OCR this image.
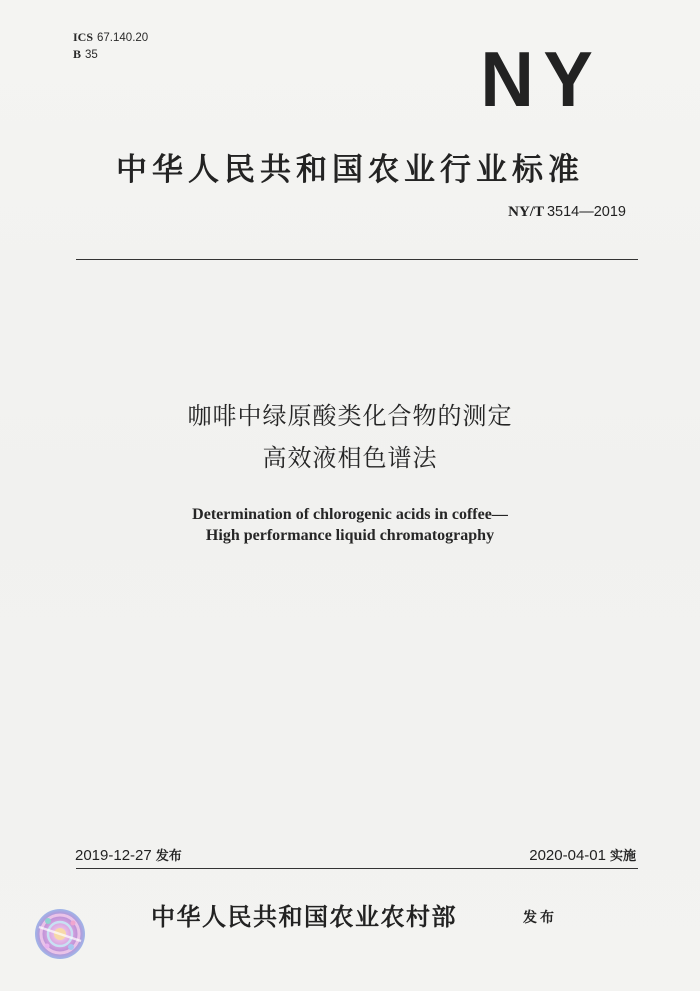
ICS 67.140.20
B 35	NY
中华人民共和国农业行业标准
NY/T 3514—2019
咖啡中绿原酸类化合物的测定
高效液相色谱法
Determination of chlorogenic acids in coffee—
High performance liquid chromatography
2019-12-27 发布	2020-04-01 实施
中华人民共和国农业农村部	发布
